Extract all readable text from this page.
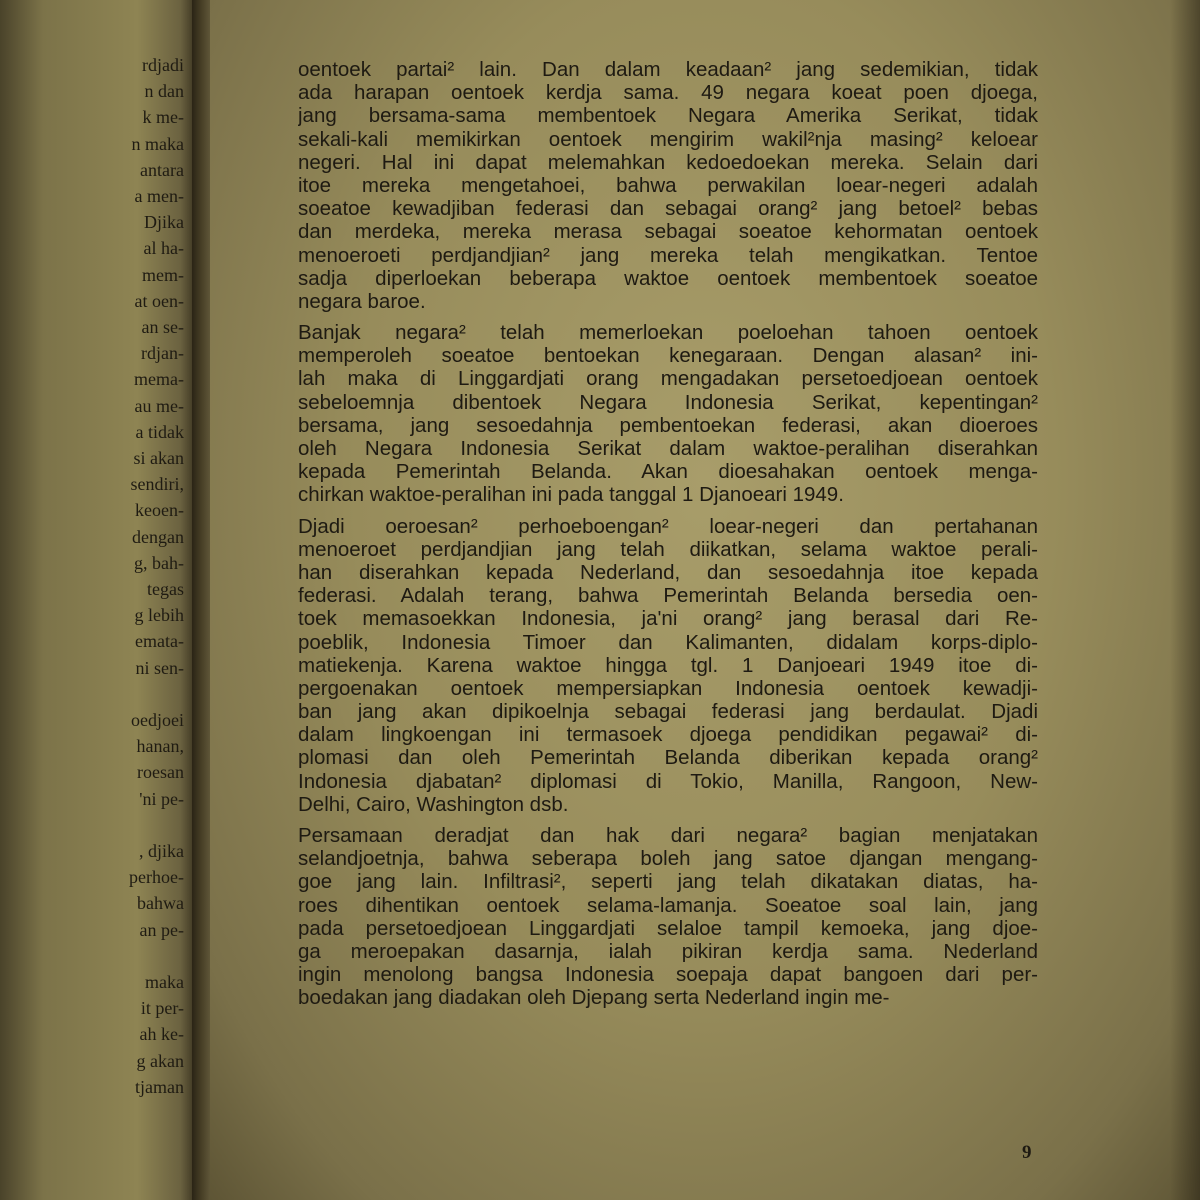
rdjadi
n dan
k me-
n maka
antara
a men-
Djika
al ha-
mem-
at oen-
an se-
rdjan-
mema-
au me-
a tidak
si akan
sendiri,
keoen-
dengan
g, bah-
tegas
g lebih
emata-
ni sen-
oedjoei
hanan,
roesan
'ni pe-
, djika
perhoe-
bahwa
an pe-
maka
it per-
ah ke-
g akan
tjaman
oentoek partai² lain. Dan dalam keadaan² jang sedemikian, tidak
ada harapan oentoek kerdja sama. 49 negara koeat poen djoega,
jang bersama-sama membentoek Negara Amerika Serikat, tidak
sekali-kali memikirkan oentoek mengirim wakil²nja masing² keloear
negeri. Hal ini dapat melemahkan kedoedoekan mereka. Selain dari
itoe mereka mengetahoei, bahwa perwakilan loear-negeri adalah
soeatoe kewadjiban federasi dan sebagai orang² jang betoel² bebas
dan merdeka, mereka merasa sebagai soeatoe kehormatan oentoek
menoeroeti perdjandjian² jang mereka telah mengikatkan. Tentoe
sadja diperloekan beberapa waktoe oentoek membentoek soeatoe
negara baroe.
Banjak negara² telah memerloekan poeloehan tahoen oentoek
memperoleh soeatoe bentoekan kenegaraan. Dengan alasan² ini-
lah maka di Linggardjati orang mengadakan persetoedjoean oentoek
sebeloemnja dibentoek Negara Indonesia Serikat, kepentingan²
bersama, jang sesoedahnja pembentoekan federasi, akan dioeroes
oleh Negara Indonesia Serikat dalam waktoe-peralihan diserahkan
kepada Pemerintah Belanda. Akan dioesahakan oentoek menga-
chirkan waktoe-peralihan ini pada tanggal 1 Djanoeari 1949.
Djadi oeroesan² perhoeboengan² loear-negeri dan pertahanan
menoeroet perdjandjian jang telah diikatkan, selama waktoe perali-
han diserahkan kepada Nederland, dan sesoedahnja itoe kepada
federasi. Adalah terang, bahwa Pemerintah Belanda bersedia oen-
toek memasoekkan Indonesia, ja'ni orang² jang berasal dari Re-
poeblik, Indonesia Timoer dan Kalimanten, didalam korps-diplo-
matiekenja. Karena waktoe hingga tgl. 1 Danjoeari 1949 itoe di-
pergoenakan oentoek mempersiapkan Indonesia oentoek kewadji-
ban jang akan dipikoelnja sebagai federasi jang berdaulat. Djadi
dalam lingkoengan ini termasoek djoega pendidikan pegawai² di-
plomasi dan oleh Pemerintah Belanda diberikan kepada orang²
Indonesia djabatan² diplomasi di Tokio, Manilla, Rangoon, New-
Delhi, Cairo, Washington dsb.
Persamaan deradjat dan hak dari negara² bagian menjatakan
selandjoetnja, bahwa seberapa boleh jang satoe djangan mengang-
goe jang lain. Infiltrasi², seperti jang telah dikatakan diatas, ha-
roes dihentikan oentoek selama-lamanja. Soeatoe soal lain, jang
pada persetoedjoean Linggardjati selaloe tampil kemoeka, jang djoe-
ga meroepakan dasarnja, ialah pikiran kerdja sama. Nederland
ingin menolong bangsa Indonesia soepaja dapat bangoen dari per-
boedakan jang diadakan oleh Djepang serta Nederland ingin me-
9
